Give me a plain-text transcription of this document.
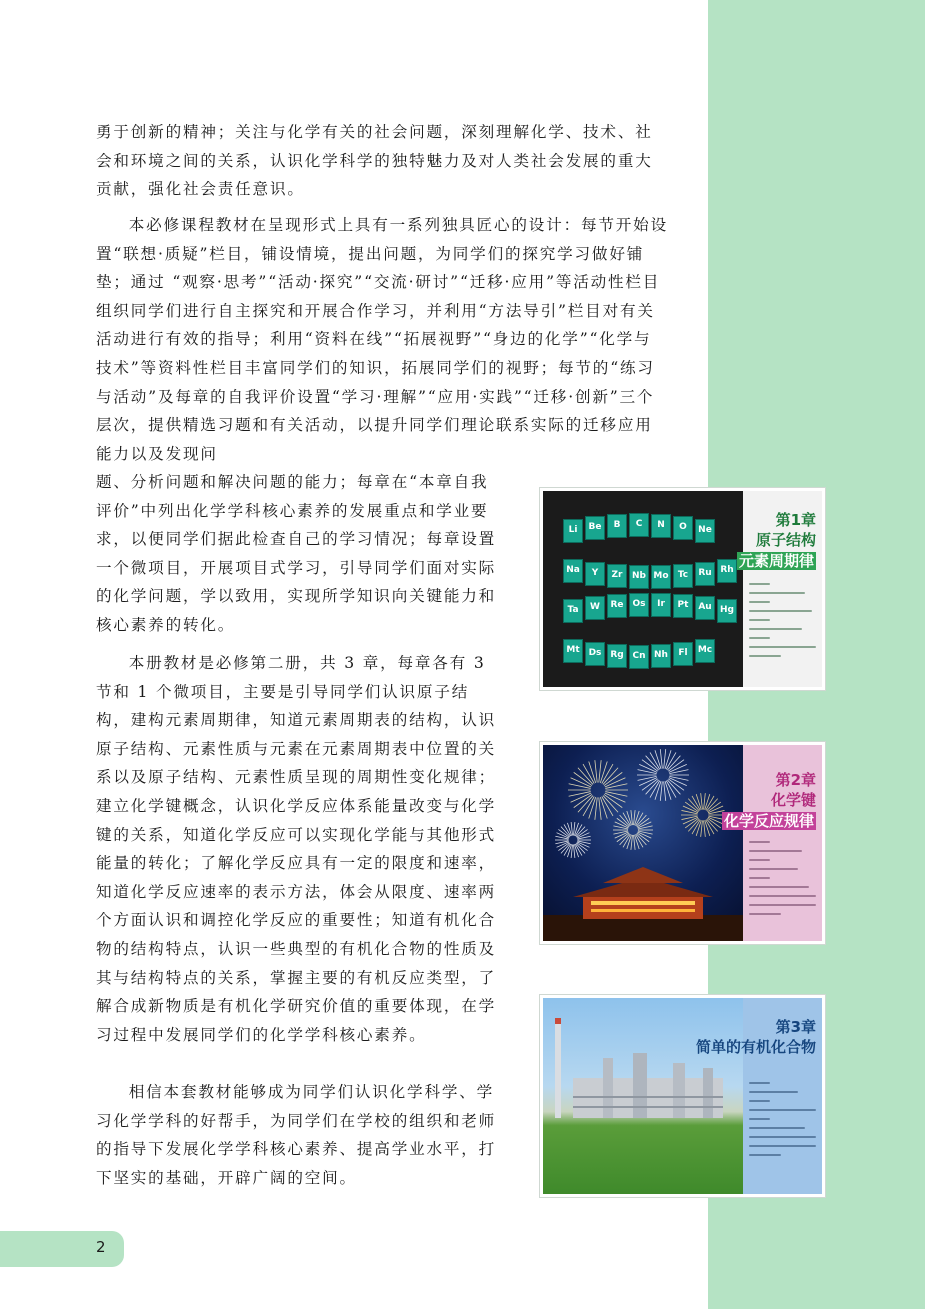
勇于创新的精神；关注与化学有关的社会问题，深刻理解化学、技术、社会和环境之间的关系，认识化学科学的独特魅力及对人类社会发展的重大贡献，强化社会责任意识。

本必修课程教材在呈现形式上具有一系列独具匠心的设计：每节开始设置“联想·质疑”栏目，铺设情境，提出问题，为同学们的探究学习做好铺垫；通过 “观察·思考”“活动·探究”“交流·研讨”“迁移·应用”等活动性栏目组织同学们进行自主探究和开展合作学习，并利用“方法导引”栏目对有关活动进行有效的指导；利用“资料在线”“拓展视野”“身边的化学”“化学与技术”等资料性栏目丰富同学们的知识，拓展同学们的视野；每节的“练习与活动”及每章的自我评价设置“学习·理解”“应用·实践”“迁移·创新”三个层次，提供精选习题和有关活动，以提升同学们理论联系实际的迁移应用能力以及发现问

题、分析问题和解决问题的能力；每章在“本章自我评价”中列出化学学科核心素养的发展重点和学业要求，以便同学们据此检查自己的学习情况；每章设置一个微项目，开展项目式学习，引导同学们面对实际的化学问题，学以致用，实现所学知识向关键能力和核心素养的转化。

本册教材是必修第二册，共 3 章，每章各有 3 节和 1 个微项目，主要是引导同学们认识原子结构，建构元素周期律，知道元素周期表的结构，认识原子结构、元素性质与元素在元素周期表中位置的关系以及原子结构、元素性质呈现的周期性变化规律；建立化学键概念，认识化学反应体系能量改变与化学键的关系，知道化学反应可以实现化学能与其他形式能量的转化；了解化学反应具有一定的限度和速率，知道化学反应速率的表示方法，体会从限度、速率两个方面认识和调控化学反应的重要性；知道有机化合物的结构特点，认识一些典型的有机化合物的性质及其与结构特点的关系，掌握主要的有机反应类型，了解合成新物质是有机化学研究价值的重要体现，在学习过程中发展同学们的化学学科核心素养。

相信本套教材能够成为同学们认识化学科学、学习化学学科的好帮手，为同学们在学校的组织和老师的指导下发展化学学科核心素养、提高学业水平，打下坚实的基础，开辟广阔的空间。

Li	Be	B	C	N	O	Ne
Na	Y	Zr	Nb Mo	Tc	Ru Rh
Ta	W	Re Os	Ir	Pt	Au Hg
Mt Ds Rg Cn Nh	Fl	Mc
第1章
原子结构
元素周期律
第2章
化学键
化学反应规律
第3章
简单的有机化合物
2
